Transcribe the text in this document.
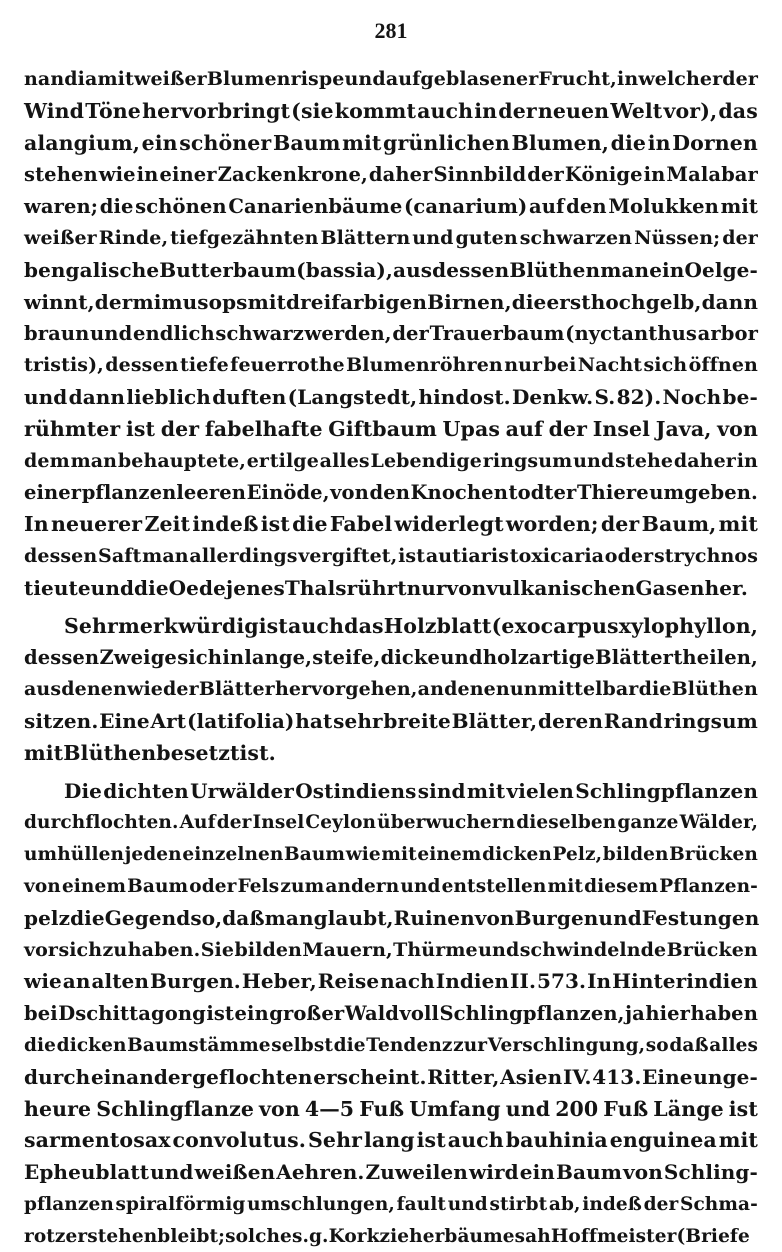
281
nandia mit weißer Blumenrispe und aufgeblasener Frucht, in welcher der
Wind Töne hervorbringt (sie kommt auch in der neuen Welt vor), das
alangium, ein schöner Baum mit grünlichen Blumen, die in Dornen
stehen wie in einer Zackenkrone, daher Sinnbild der Könige in Malabar
waren; die schönen Canarienbäume (canarium) auf den Molukken mit
weißer Rinde, tiefgezähnten Blättern und guten schwarzen Nüssen; der
bengalische Butterbaum (bassia), aus dessen Blüthen man ein Oel ge-
winnt, der mimusops mit dreifarbigen Birnen, die erst hochgelb, dann
braun und endlich schwarz werden, der Trauerbaum (nyctanthus arbor
tristis), dessen tiefe feuerrothe Blumenröhren nur bei Nacht sich öffnen
und dann lieblich duften (Langstedt, hindost. Denkw. S. 82). Noch be-
rühmter ist der fabelhafte Giftbaum Upas auf der Insel Java, von
dem man behauptete, er tilge alles Lebendige ringsum und stehe daher in
einer pflanzenleeren Einöde, von den Knochen todter Thiere umgeben.
In neuerer Zeit indeß ist die Fabel widerlegt worden; der Baum, mit
dessen Saft man allerdings vergiftet, ist autiaris toxicaria oder strychnos
tieute und die Oede jenes Thals rührt nur von vulkanischen Gasen her.
Sehr merkwürdig ist auch das Holzblatt (exocarpus xylophyllon,
dessen Zweige sich in lange, steife, dicke und holzartige Blätter theilen,
aus denen wieder Blätter hervorgehen, an denen unmittelbar die Blüthen
sitzen. Eine Art (latifolia) hat sehr breite Blätter, deren Rand ringsum
mit Blüthen besetzt ist.
Die dichten Urwälder Ostindiens sind mit vielen Schlingpflanzen
durchflochten. Auf der Insel Ceylon überwuchern dieselben ganze Wälder,
umhüllen jeden einzelnen Baum wie mit einem dicken Pelz, bilden Brücken
von einem Baum oder Fels zum andern und entstellen mit diesem Pflanzen-
pelz die Gegend so, daß man glaubt, Ruinen von Burgen und Festungen
vor sich zu haben. Sie bilden Mauern, Thürme und schwindelnde Brücken
wie an alten Burgen. Heber, Reise nach Indien II. 573. In Hinterindien
bei Dschittagong ist ein großer Wald voll Schlingpflanzen, ja hier haben
die dicken Baumstämme selbst die Tendenz zur Verschlingung, so daß alles
durch einander geflochten erscheint. Ritter, Asien IV. 413. Eine unge-
heure Schlingflanze von 4—5 Fuß Umfang und 200 Fuß Länge ist
sarmentosax convolutus. Sehr lang ist auch bauhinia enguinea mit
Epheublatt und weißen Aehren. Zuweilen wird ein Baum von Schling-
pflanzen spiralförmig umschlungen, fault und stirbt ab, indeß der Schma-
rotzer stehen bleibt; solche s. g. Korkzieherbäume sah Hoffmeister (Briefe
